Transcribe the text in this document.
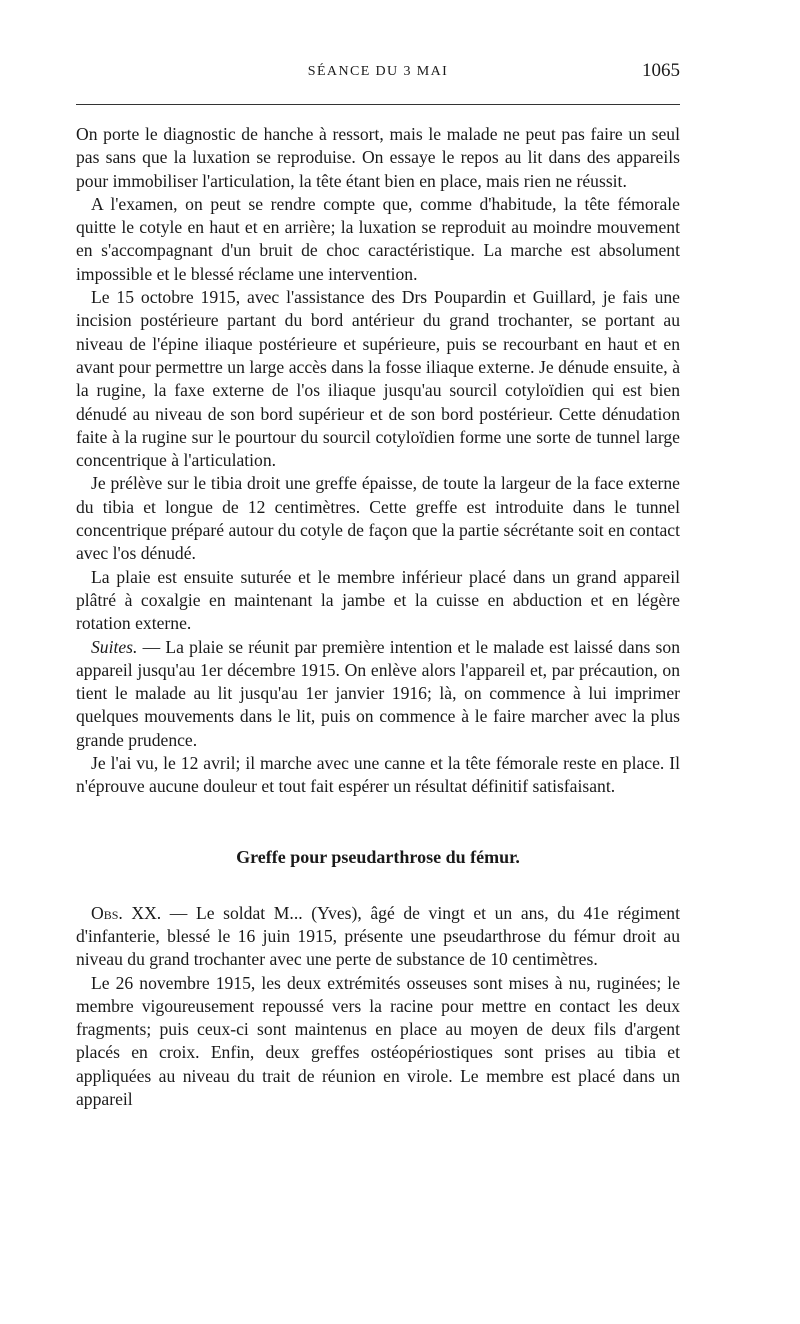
SÉANCE DU 3 MAI	1065

On porte le diagnostic de hanche à ressort, mais le malade ne peut pas faire un seul pas sans que la luxation se reproduise. On essaye le repos au lit dans des appareils pour immobiliser l'articulation, la tête étant bien en place, mais rien ne réussit.

A l'examen, on peut se rendre compte que, comme d'habitude, la tête fémorale quitte le cotyle en haut et en arrière; la luxation se reproduit au moindre mouvement en s'accompagnant d'un bruit de choc caractéristique. La marche est absolument impossible et le blessé réclame une intervention.

Le 15 octobre 1915, avec l'assistance des Drs Poupardin et Guillard, je fais une incision postérieure partant du bord antérieur du grand trochanter, se portant au niveau de l'épine iliaque postérieure et supérieure, puis se recourbant en haut et en avant pour permettre un large accès dans la fosse iliaque externe. Je dénude ensuite, à la rugine, la faxe externe de l'os iliaque jusqu'au sourcil cotyloïdien qui est bien dénudé au niveau de son bord supérieur et de son bord postérieur. Cette dénudation faite à la rugine sur le pourtour du sourcil cotyloïdien forme une sorte de tunnel large concentrique à l'articulation.

Je prélève sur le tibia droit une greffe épaisse, de toute la largeur de la face externe du tibia et longue de 12 centimètres. Cette greffe est introduite dans le tunnel concentrique préparé autour du cotyle de façon que la partie sécrétante soit en contact avec l'os dénudé.

La plaie est ensuite suturée et le membre inférieur placé dans un grand appareil plâtré à coxalgie en maintenant la jambe et la cuisse en abduction et en légère rotation externe.

Suites. — La plaie se réunit par première intention et le malade est laissé dans son appareil jusqu'au 1er décembre 1915. On enlève alors l'appareil et, par précaution, on tient le malade au lit jusqu'au 1er janvier 1916; là, on commence à lui imprimer quelques mouvements dans le lit, puis on commence à le faire marcher avec la plus grande prudence.

Je l'ai vu, le 12 avril; il marche avec une canne et la tête fémorale reste en place. Il n'éprouve aucune douleur et tout fait espérer un résultat définitif satisfaisant.

Greffe pour pseudarthrose du fémur.

Obs. XX. — Le soldat M... (Yves), âgé de vingt et un ans, du 41e régiment d'infanterie, blessé le 16 juin 1915, présente une pseudarthrose du fémur droit au niveau du grand trochanter avec une perte de substance de 10 centimètres.

Le 26 novembre 1915, les deux extrémités osseuses sont mises à nu, ruginées; le membre vigoureusement repoussé vers la racine pour mettre en contact les deux fragments; puis ceux-ci sont maintenus en place au moyen de deux fils d'argent placés en croix. Enfin, deux greffes ostéopériostiques sont prises au tibia et appliquées au niveau du trait de réunion en virole. Le membre est placé dans un appareil
